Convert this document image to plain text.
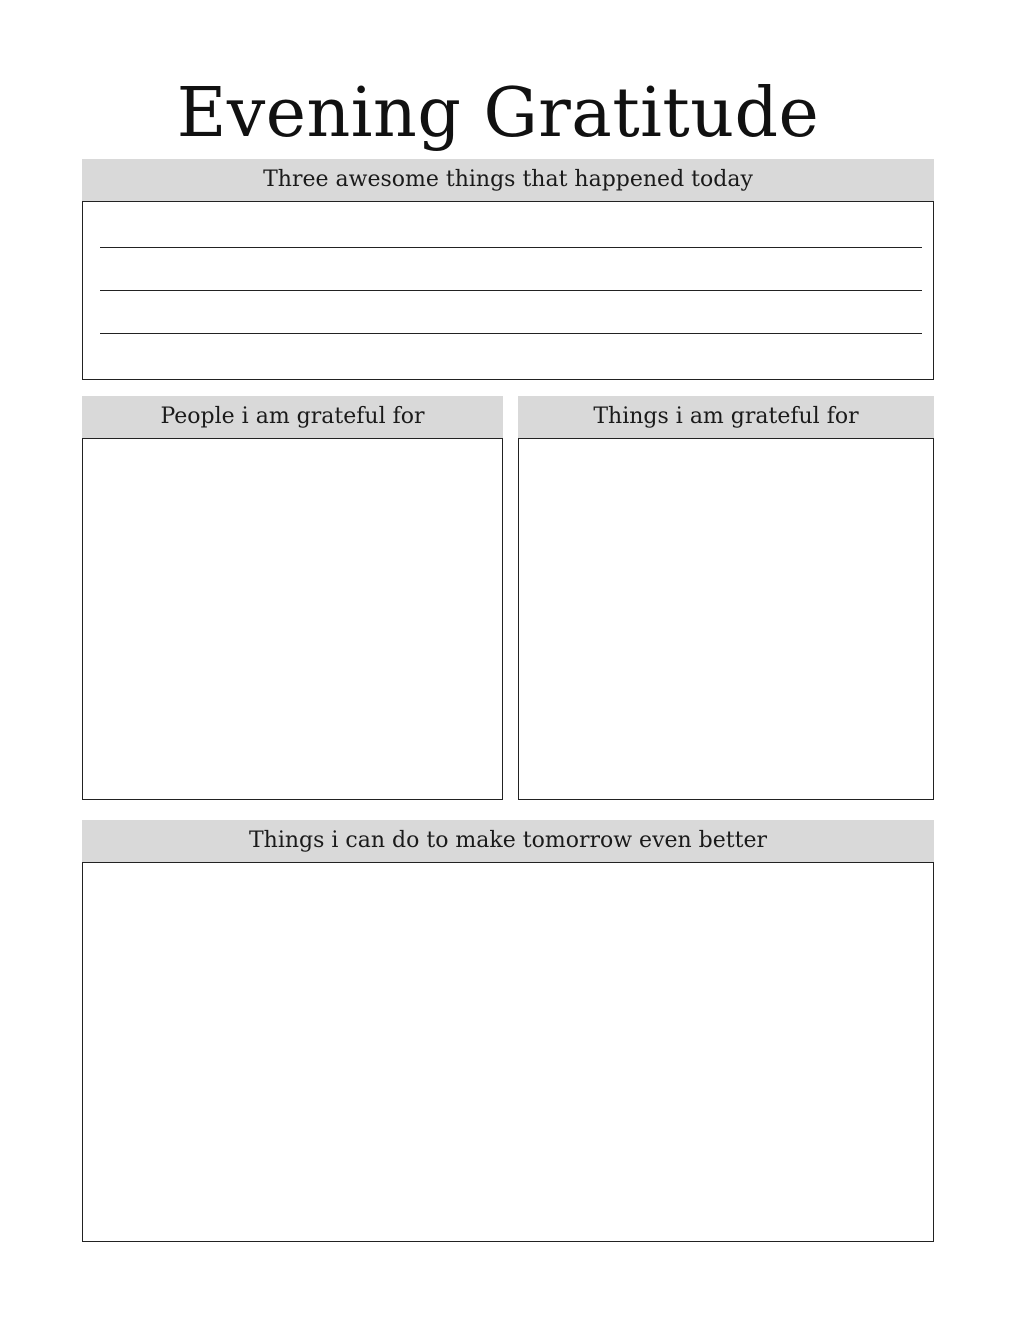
Evening Gratitude
Three awesome things that happened today
People i am grateful for	Things i am grateful for
Things i can do to make tomorrow even better
